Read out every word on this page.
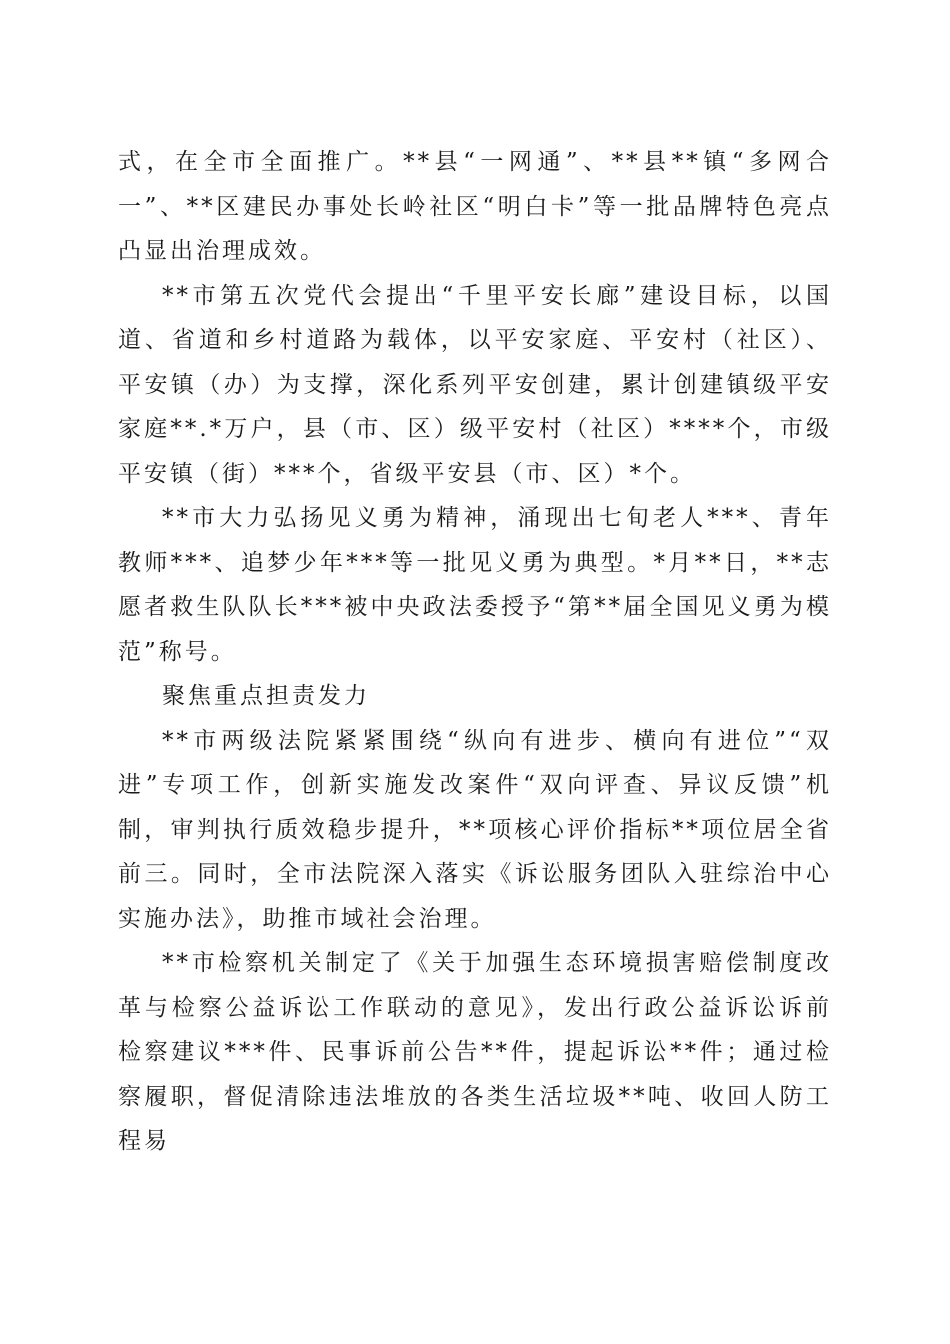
式，在全市全面推广。**县“一网通”、**县**镇“多网合一”、**区建民办事处长岭社区“明白卡”等一批品牌特色亮点凸显出治理成效。

**市第五次党代会提出“千里平安长廊”建设目标，以国道、省道和乡村道路为载体，以平安家庭、平安村（社区）、平安镇（办）为支撑，深化系列平安创建，累计创建镇级平安家庭**.*万户，县（市、区）级平安村（社区）****个，市级平安镇（街）***个，省级平安县（市、区）*个。

**市大力弘扬见义勇为精神，涌现出七旬老人***、青年教师***、追梦少年***等一批见义勇为典型。*月**日，**志愿者救生队队长***被中央政法委授予“第**届全国见义勇为模范”称号。

聚焦重点担责发力

**市两级法院紧紧围绕“纵向有进步、横向有进位”“双进”专项工作，创新实施发改案件“双向评查、异议反馈”机制，审判执行质效稳步提升，**项核心评价指标**项位居全省前三。同时，全市法院深入落实《诉讼服务团队入驻综治中心实施办法》，助推市域社会治理。

**市检察机关制定了《关于加强生态环境损害赔偿制度改革与检察公益诉讼工作联动的意见》，发出行政公益诉讼诉前检察建议***件、民事诉前公告**件，提起诉讼**件；通过检察履职，督促清除违法堆放的各类生活垃圾**吨、收回人防工程易
